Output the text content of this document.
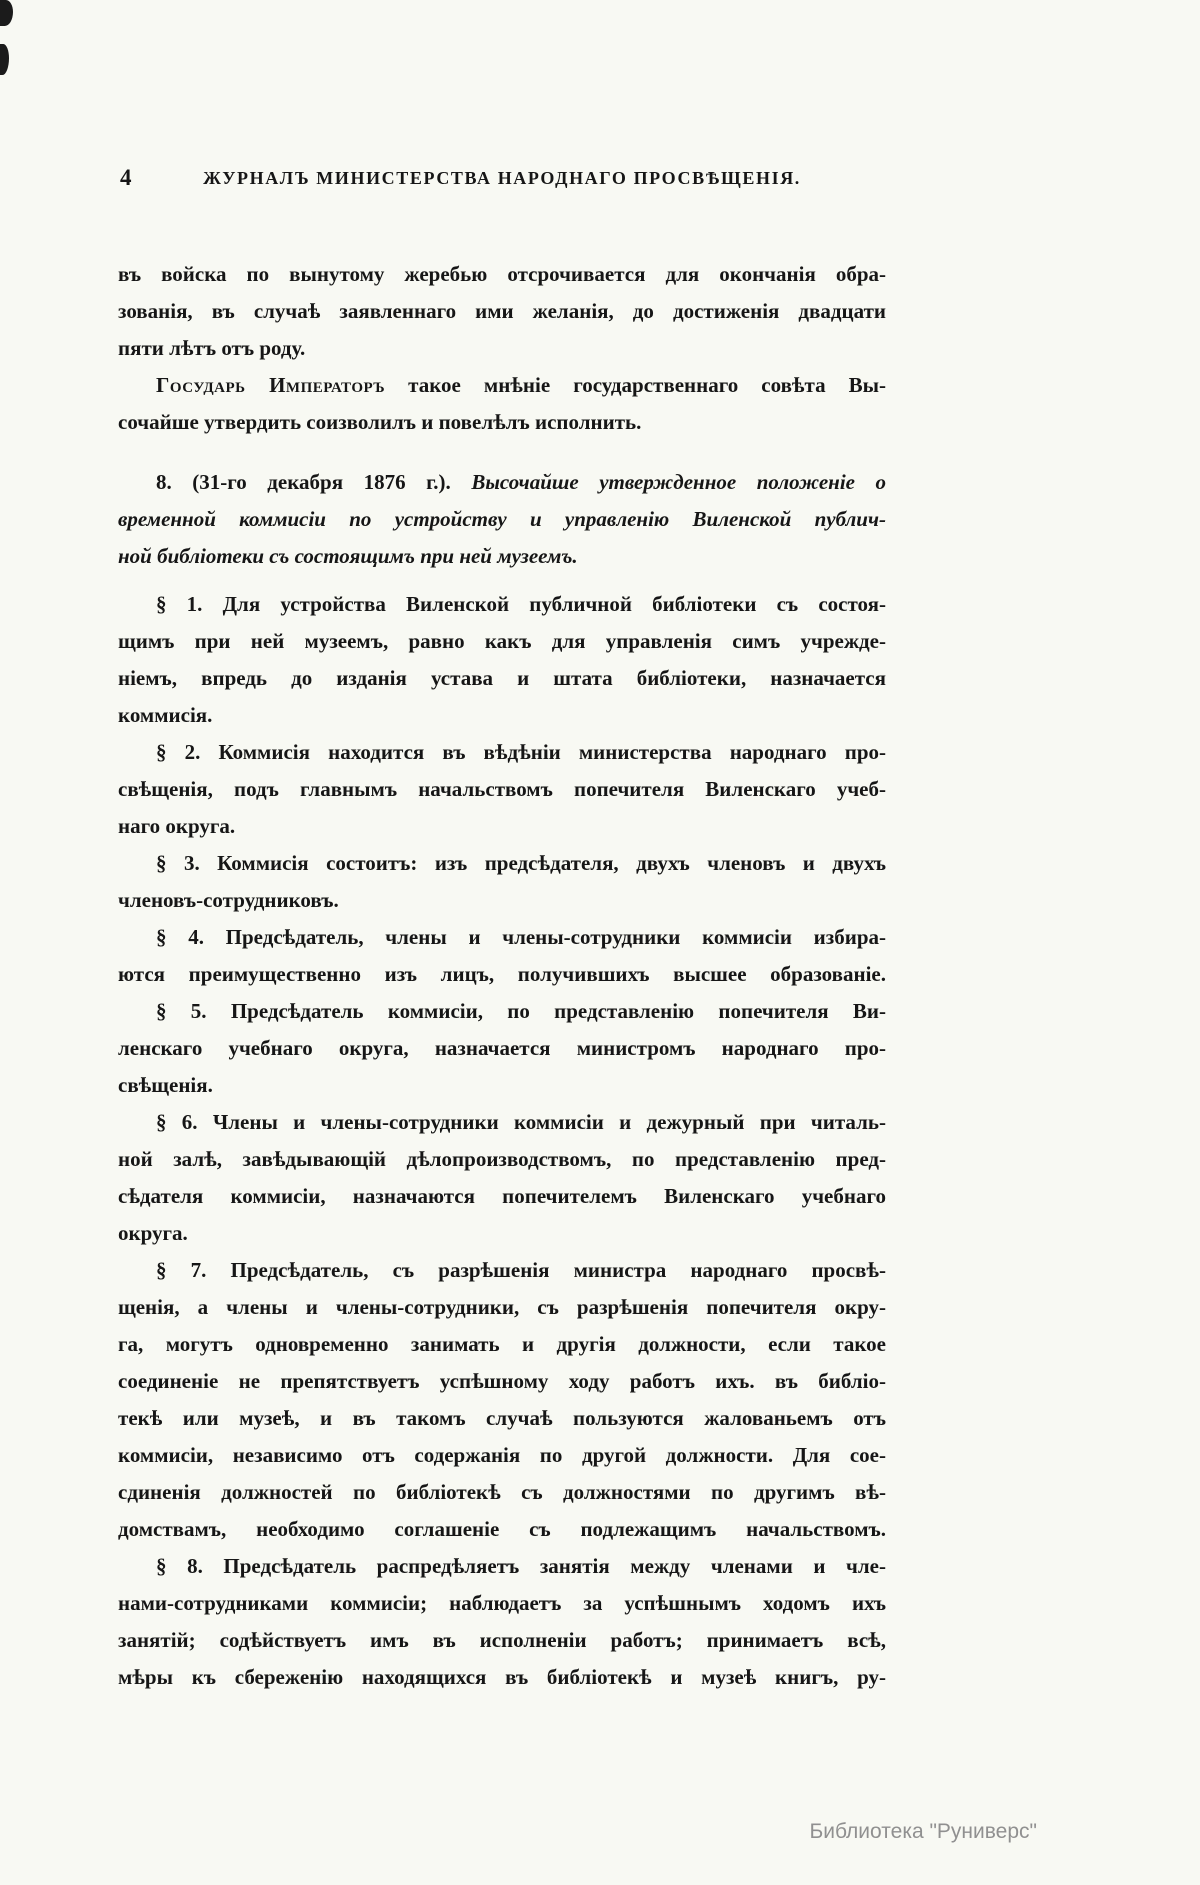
4	ЖУРНАЛЪ МИНИСТЕРСТВА НАРОДНАГО ПРОСВѢЩЕНІЯ.

въ войска по вынутому жеребью отсрочивается для окончанія обра-
зованія, въ случаѣ заявленнаго ими желанія, до достиженія двадцати
пяти лѣтъ отъ роду.

Государь Императоръ такое мнѣніе государственнаго совѣта Вы-
сочайше утвердить соизволилъ и повелѣлъ исполнить.

8. (31-го декабря 1876 г.). Высочайше утвержденное положеніе о
временной коммисіи по устройству и управленію Виленской публич-
ной библіотеки съ состоящимъ при ней музеемъ.

§ 1. Для устройства Виленской публичной библіотеки съ состоя-
щимъ при ней музеемъ, равно какъ для управленія симъ учрежде-
ніемъ, впредь до изданія устава и штата библіотеки, назначается
коммисія.

§ 2. Коммисія находится въ вѣдѣніи министерства народнаго про-
свѣщенія, подъ главнымъ начальствомъ попечителя Виленскаго учеб-
наго округа.

§ 3. Коммисія состоитъ: изъ предсѣдателя, двухъ членовъ и двухъ
членовъ-сотрудниковъ.

§ 4. Предсѣдатель, члены и члены-сотрудники коммисіи избира-
ются преимущественно изъ лицъ, получившихъ высшее образованіе.

§ 5. Предсѣдатель коммисіи, по представленію попечителя Ви-
ленскаго учебнаго округа, назначается министромъ народнаго про-
свѣщенія.

§ 6. Члены и члены-сотрудники коммисіи и дежурный при читаль-
ной залѣ, завѣдывающій дѣлопроизводствомъ, по представленію пред-
сѣдателя коммисіи, назначаются попечителемъ Виленскаго учебнаго
округа.

§ 7. Предсѣдатель, съ разрѣшенія министра народнаго просвѣ-
щенія, а члены и члены-сотрудники, съ разрѣшенія попечителя окру-
га, могутъ одновременно занимать и другія должности, если такое
соединеніе не препятствуетъ успѣшному ходу работъ ихъ. въ библіо-
текѣ или музеѣ, и въ такомъ случаѣ пользуются жалованьемъ отъ
коммисіи, независимо отъ содержанія по другой должности. Для сое-
сдиненія должностей по библіотекѣ съ должностями по другимъ вѣ-
домствамъ, необходимо соглашеніе съ подлежащимъ начальствомъ.

§ 8. Предсѣдатель распредѣляетъ занятія между членами и чле-
нами-сотрудниками коммисіи; наблюдаетъ за успѣшнымъ ходомъ ихъ
занятій; содѣйствуетъ имъ въ исполненіи работъ; принимаетъ всѣ,
мѣры къ сбереженію находящихся въ библіотекѣ и музеѣ книгъ, ру-

Библиотека "Руниверс"
